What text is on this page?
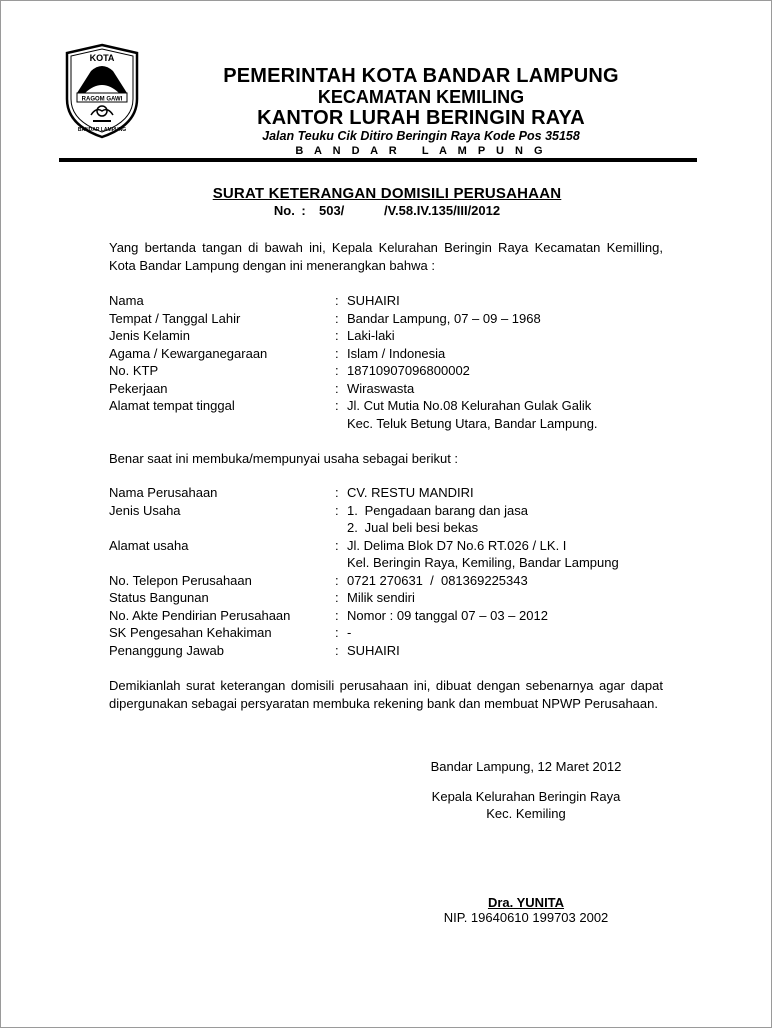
KOTA
RAGOM GAWI
BANDAR LAMPUNG
PEMERINTAH KOTA BANDAR LAMPUNG
KECAMATAN KEMILING
KANTOR LURAH BERINGIN RAYA
Jalan Teuku Cik Ditiro Beringin Raya Kode Pos 35158
B A N D A R   L A M P U N G
SURAT KETERANGAN DOMISILI PERUSAHAAN
No. :  503/      /V.58.IV.135/III/2012
Yang bertanda tangan di bawah ini, Kepala Kelurahan Beringin Raya Kecamatan Kemilling, Kota Bandar Lampung dengan ini menerangkan bahwa :
Nama	: SUHAIRI
Tempat / Tanggal Lahir	: Bandar Lampung, 07 – 09 – 1968
Jenis Kelamin	: Laki-laki
Agama / Kewarganegaraan	: Islam / Indonesia
No. KTP	: 18710907096800002
Pekerjaan	: Wiraswasta
Alamat tempat tinggal	: Jl. Cut Mutia No.08 Kelurahan Gulak Galik
Kec. Teluk Betung Utara, Bandar Lampung.
Benar saat ini membuka/mempunyai usaha sebagai berikut :
Nama Perusahaan	: CV. RESTU MANDIRI
Jenis Usaha	: 1. Pengadaan barang dan jasa
2. Jual beli besi bekas
Alamat usaha	: Jl. Delima Blok D7 No.6 RT.026 / LK. I
Kel. Beringin Raya, Kemiling, Bandar Lampung
No. Telepon Perusahaan	: 0721 270631  /  081369225343
Status Bangunan	: Milik sendiri
No. Akte Pendirian Perusahaan	: Nomor : 09 tanggal 07 – 03 – 2012
SK Pengesahan Kehakiman	: -
Penanggung Jawab	: SUHAIRI
Demikianlah surat keterangan domisili perusahaan ini, dibuat dengan sebenarnya agar dapat dipergunakan sebagai persyaratan membuka rekening bank dan membuat NPWP Perusahaan.
Bandar Lampung, 12 Maret 2012
Kepala Kelurahan Beringin Raya
Kec. Kemiling
Dra. YUNITA
NIP. 19640610 199703 2002
